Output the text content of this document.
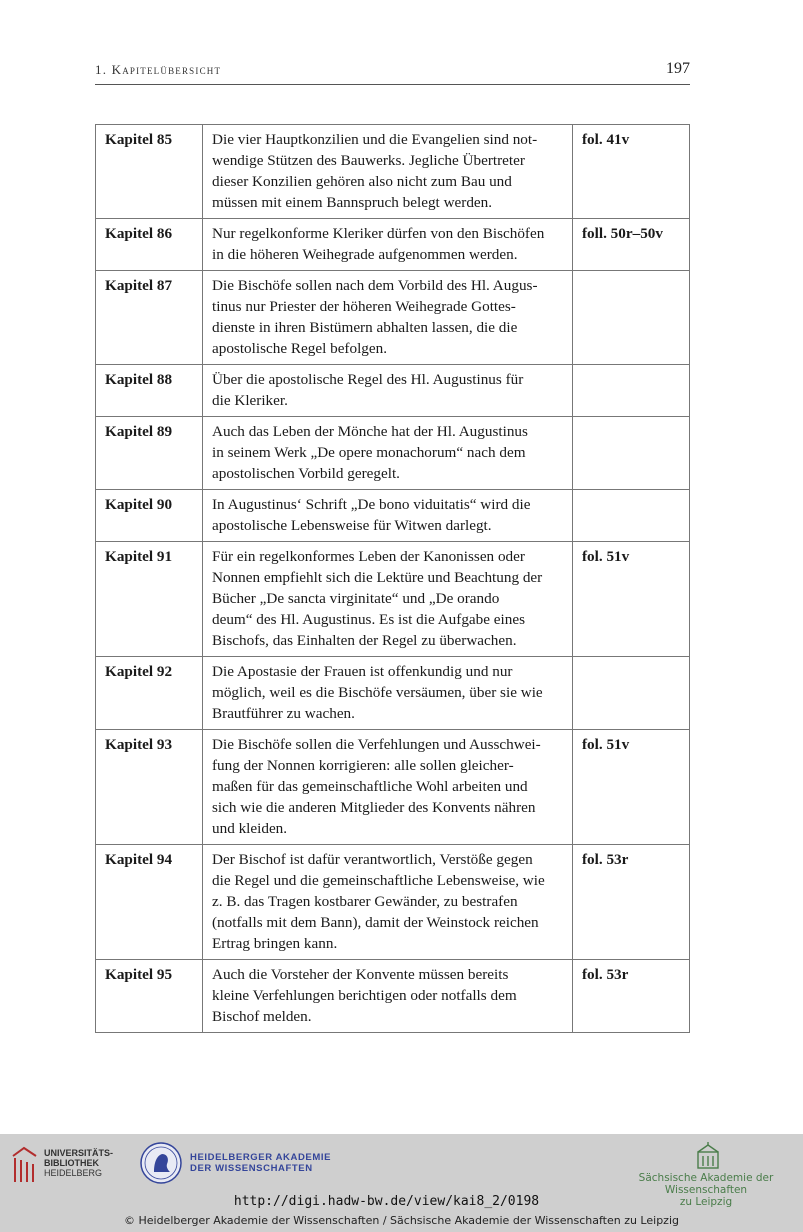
1. Kapitelübersicht	197
Kapitel 85	Die vier Hauptkonzilien und die Evangelien sind not-
wendige Stützen des Bauwerks. Jegliche Übertreter
dieser Konzilien gehören also nicht zum Bau und
müssen mit einem Bannspruch belegt werden.	fol. 41v
Kapitel 86	Nur regelkonforme Kleriker dürfen von den Bischöfen
in die höheren Weihegrade aufgenommen werden.	foll. 50r–50v
Kapitel 87	Die Bischöfe sollen nach dem Vorbild des Hl. Augus-
tinus nur Priester der höheren Weihegrade Gottes-
dienste in ihren Bistümern abhalten lassen, die die
apostolische Regel befolgen.	
Kapitel 88	Über die apostolische Regel des Hl. Augustinus für
die Kleriker.	
Kapitel 89	Auch das Leben der Mönche hat der Hl. Augustinus
in seinem Werk „De opere monachorum“ nach dem
apostolischen Vorbild geregelt.	
Kapitel 90	In Augustinus‘ Schrift „De bono viduitatis“ wird die
apostolische Lebensweise für Witwen darlegt.	
Kapitel 91	Für ein regelkonformes Leben der Kanonissen oder
Nonnen empfiehlt sich die Lektüre und Beachtung der
Bücher „De sancta virginitate“ und „De orando
deum“ des Hl. Augustinus. Es ist die Aufgabe eines
Bischofs, das Einhalten der Regel zu überwachen.	fol. 51v
Kapitel 92	Die Apostasie der Frauen ist offenkundig und nur
möglich, weil es die Bischöfe versäumen, über sie wie
Brautführer zu wachen.	
Kapitel 93	Die Bischöfe sollen die Verfehlungen und Ausschwei-
fung der Nonnen korrigieren: alle sollen gleicher-
maßen für das gemeinschaftliche Wohl arbeiten und
sich wie die anderen Mitglieder des Konvents nähren
und kleiden.	fol. 51v
Kapitel 94	Der Bischof ist dafür verantwortlich, Verstöße gegen
die Regel und die gemeinschaftliche Lebensweise, wie
z. B. das Tragen kostbarer Gewänder, zu bestrafen
(notfalls mit dem Bann), damit der Weinstock reichen
Ertrag bringen kann.	fol. 53r
Kapitel 95	Auch die Vorsteher der Konvente müssen bereits
kleine Verfehlungen berichtigen oder notfalls dem
Bischof melden.	fol. 53r
UNIVERSITÄTS-
BIBLIOTHEK
HEIDELBERG
HEIDELBERGER AKADEMIE
DER WISSENSCHAFTEN
Sächsische Akademie der Wissenschaften
zu Leipzig
http://digi.hadw-bw.de/view/kai8_2/0198
© Heidelberger Akademie der Wissenschaften / Sächsische Akademie der Wissenschaften zu Leipzig
